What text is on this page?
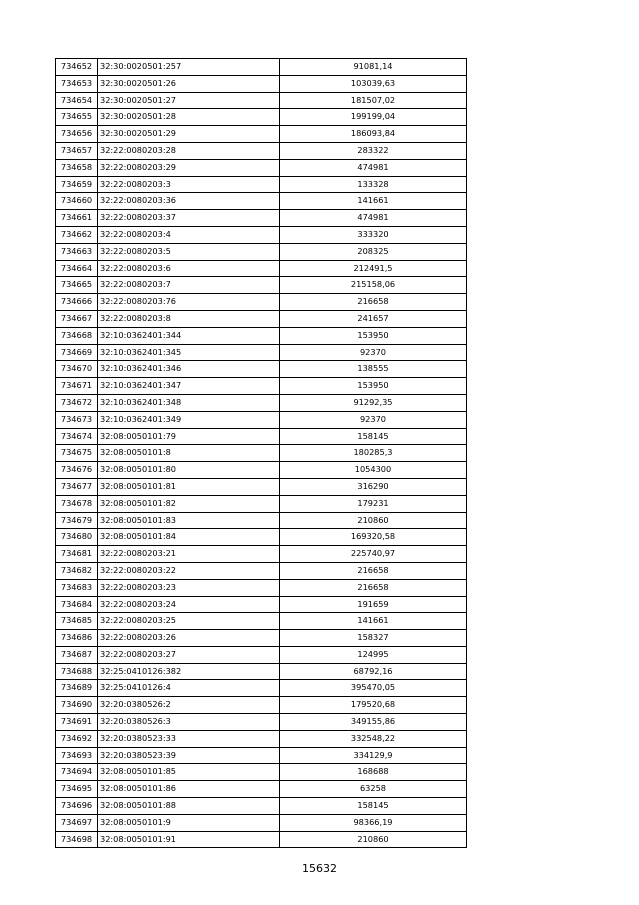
734652	32:30:0020501:257	91081,14
734653	32:30:0020501:26	103039,63
734654	32:30:0020501:27	181507,02
734655	32:30:0020501:28	199199,04
734656	32:30:0020501:29	186093,84
734657	32:22:0080203:28	283322
734658	32:22:0080203:29	474981
734659	32:22:0080203:3	133328
734660	32:22:0080203:36	141661
734661	32:22:0080203:37	474981
734662	32:22:0080203:4	333320
734663	32:22:0080203:5	208325
734664	32:22:0080203:6	212491,5
734665	32:22:0080203:7	215158,06
734666	32:22:0080203:76	216658
734667	32:22:0080203:8	241657
734668	32:10:0362401:344	153950
734669	32:10:0362401:345	92370
734670	32:10:0362401:346	138555
734671	32:10:0362401:347	153950
734672	32:10:0362401:348	91292,35
734673	32:10:0362401:349	92370
734674	32:08:0050101:79	158145
734675	32:08:0050101:8	180285,3
734676	32:08:0050101:80	1054300
734677	32:08:0050101:81	316290
734678	32:08:0050101:82	179231
734679	32:08:0050101:83	210860
734680	32:08:0050101:84	169320,58
734681	32:22:0080203:21	225740,97
734682	32:22:0080203:22	216658
734683	32:22:0080203:23	216658
734684	32:22:0080203:24	191659
734685	32:22:0080203:25	141661
734686	32:22:0080203:26	158327
734687	32:22:0080203:27	124995
734688	32:25:0410126:382	68792,16
734689	32:25:0410126:4	395470,05
734690	32:20:0380526:2	179520,68
734691	32:20:0380526:3	349155,86
734692	32:20:0380523:33	332548,22
734693	32:20:0380523:39	334129,9
734694	32:08:0050101:85	168688
734695	32:08:0050101:86	63258
734696	32:08:0050101:88	158145
734697	32:08:0050101:9	98366,19
734698	32:08:0050101:91	210860
15632
